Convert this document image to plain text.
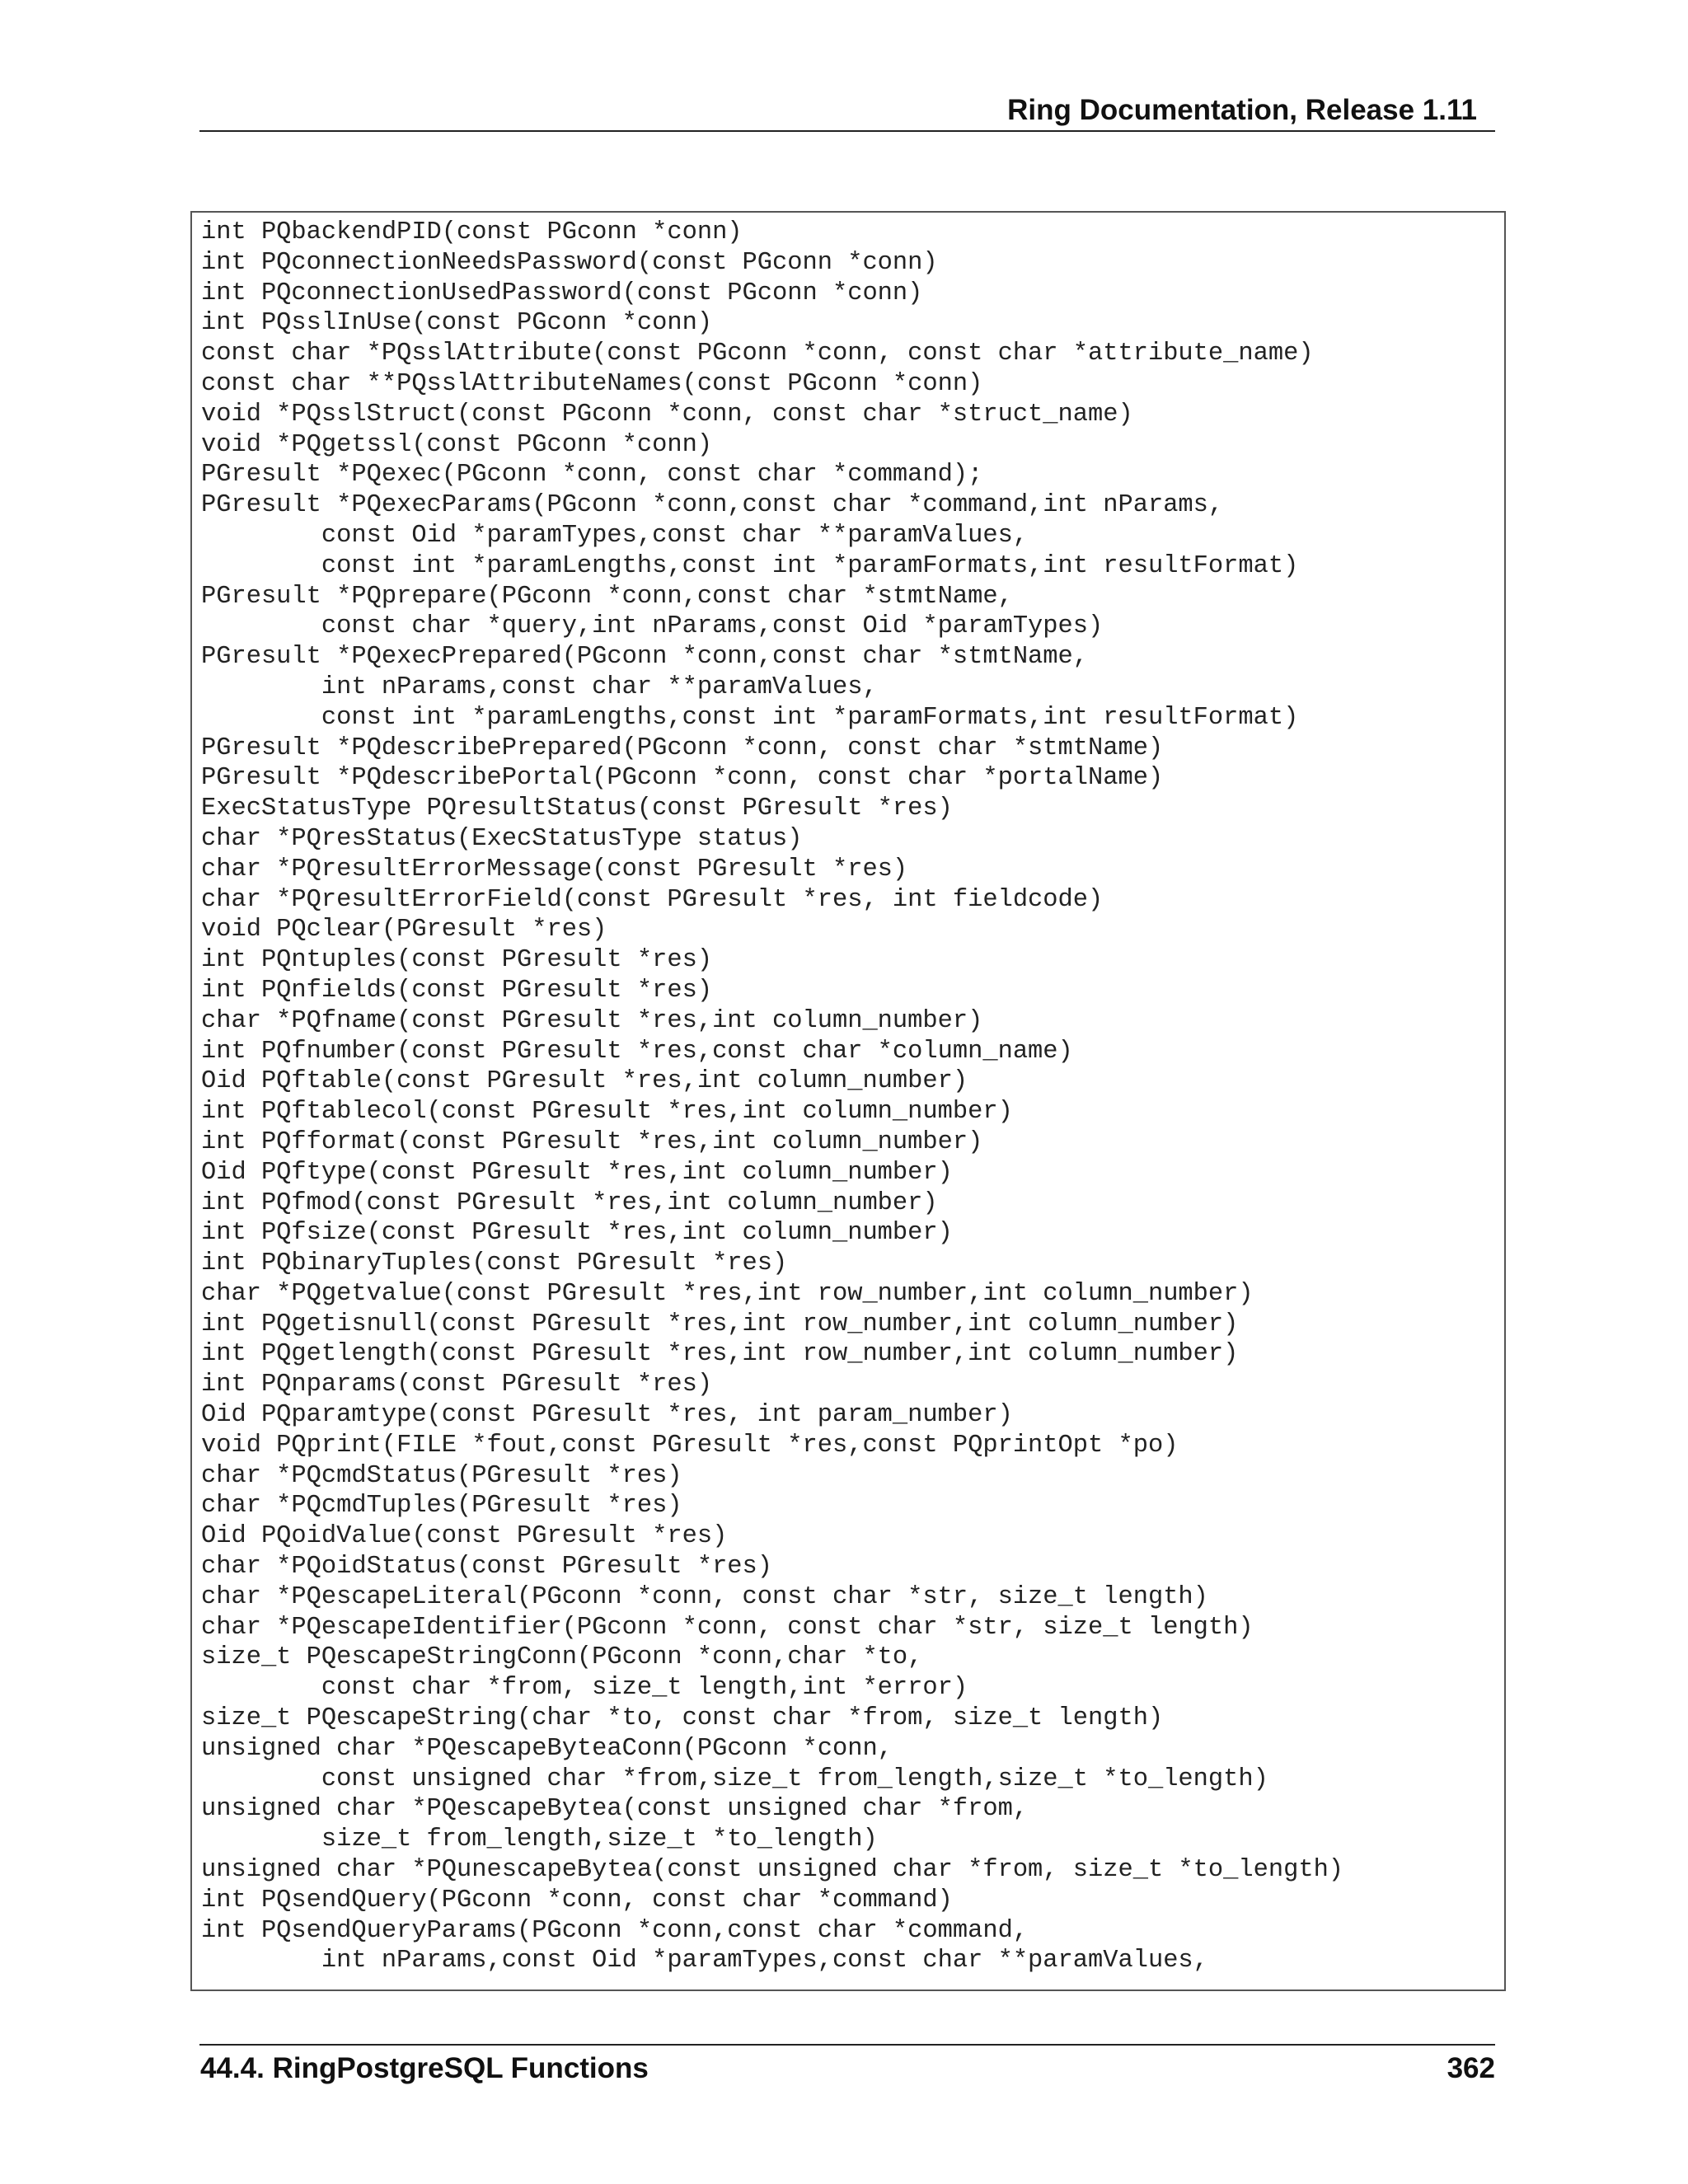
Ring Documentation, Release 1.11
int PQbackendPID(const PGconn *conn)
int PQconnectionNeedsPassword(const PGconn *conn)
int PQconnectionUsedPassword(const PGconn *conn)
int PQsslInUse(const PGconn *conn)
const char *PQsslAttribute(const PGconn *conn, const char *attribute_name)
const char **PQsslAttributeNames(const PGconn *conn)
void *PQsslStruct(const PGconn *conn, const char *struct_name)
void *PQgetssl(const PGconn *conn)
PGresult *PQexec(PGconn *conn, const char *command);
PGresult *PQexecParams(PGconn *conn,const char *command,int nParams,
const Oid *paramTypes,const char **paramValues,
const int *paramLengths,const int *paramFormats,int resultFormat)
PGresult *PQprepare(PGconn *conn,const char *stmtName,
const char *query,int nParams,const Oid *paramTypes)
PGresult *PQexecPrepared(PGconn *conn,const char *stmtName,
int nParams,const char **paramValues,
const int *paramLengths,const int *paramFormats,int resultFormat)
PGresult *PQdescribePrepared(PGconn *conn, const char *stmtName)
PGresult *PQdescribePortal(PGconn *conn, const char *portalName)
ExecStatusType PQresultStatus(const PGresult *res)
char *PQresStatus(ExecStatusType status)
char *PQresultErrorMessage(const PGresult *res)
char *PQresultErrorField(const PGresult *res, int fieldcode)
void PQclear(PGresult *res)
int PQntuples(const PGresult *res)
int PQnfields(const PGresult *res)
char *PQfname(const PGresult *res,int column_number)
int PQfnumber(const PGresult *res,const char *column_name)
Oid PQftable(const PGresult *res,int column_number)
int PQftablecol(const PGresult *res,int column_number)
int PQfformat(const PGresult *res,int column_number)
Oid PQftype(const PGresult *res,int column_number)
int PQfmod(const PGresult *res,int column_number)
int PQfsize(const PGresult *res,int column_number)
int PQbinaryTuples(const PGresult *res)
char *PQgetvalue(const PGresult *res,int row_number,int column_number)
int PQgetisnull(const PGresult *res,int row_number,int column_number)
int PQgetlength(const PGresult *res,int row_number,int column_number)
int PQnparams(const PGresult *res)
Oid PQparamtype(const PGresult *res, int param_number)
void PQprint(FILE *fout,const PGresult *res,const PQprintOpt *po)
char *PQcmdStatus(PGresult *res)
char *PQcmdTuples(PGresult *res)
Oid PQoidValue(const PGresult *res)
char *PQoidStatus(const PGresult *res)
char *PQescapeLiteral(PGconn *conn, const char *str, size_t length)
char *PQescapeIdentifier(PGconn *conn, const char *str, size_t length)
size_t PQescapeStringConn(PGconn *conn,char *to,
const char *from, size_t length,int *error)
size_t PQescapeString(char *to, const char *from, size_t length)
unsigned char *PQescapeByteaConn(PGconn *conn,
const unsigned char *from,size_t from_length,size_t *to_length)
unsigned char *PQescapeBytea(const unsigned char *from,
size_t from_length,size_t *to_length)
unsigned char *PQunescapeBytea(const unsigned char *from, size_t *to_length)
int PQsendQuery(PGconn *conn, const char *command)
int PQsendQueryParams(PGconn *conn,const char *command,
int nParams,const Oid *paramTypes,const char **paramValues,
44.4. RingPostgreSQL Functions	362
